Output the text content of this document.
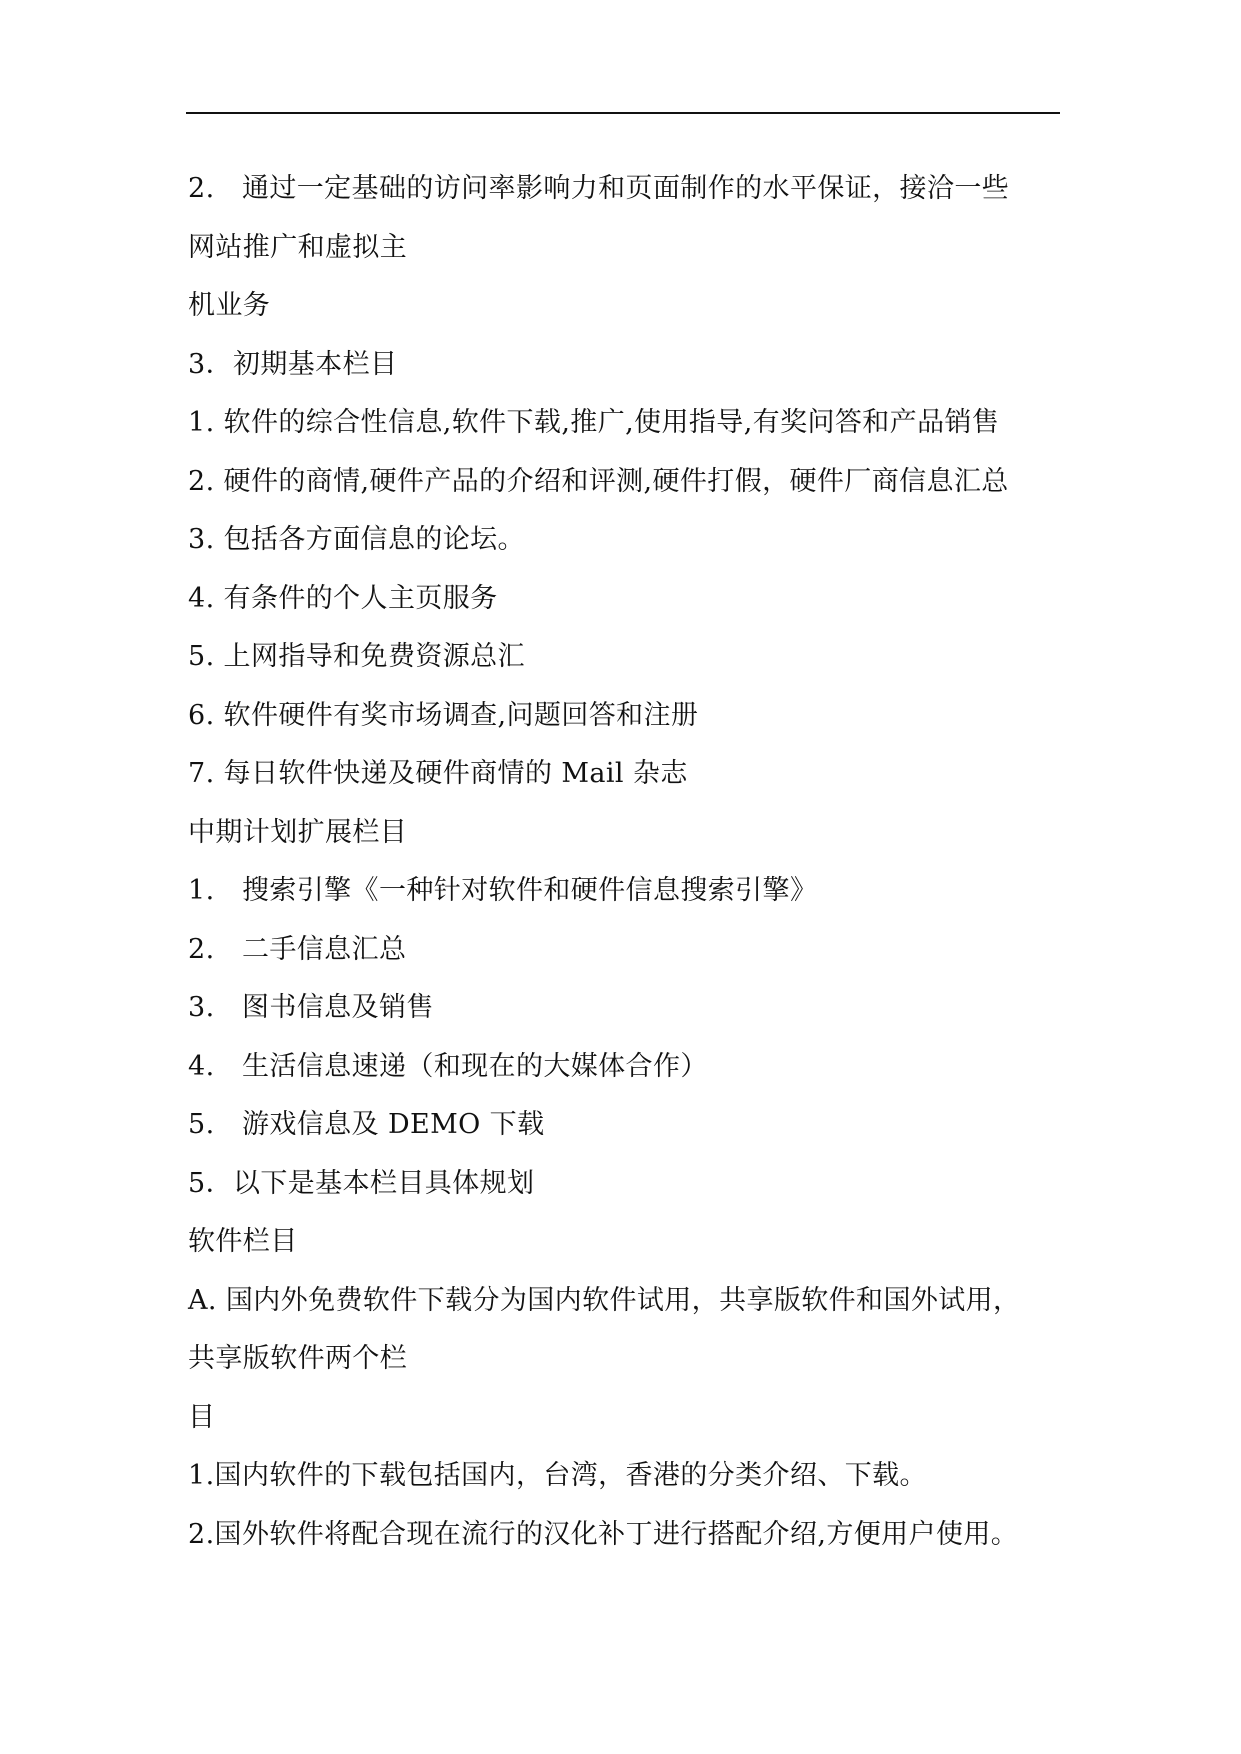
2.　通过一定基础的访问率影响力和页面制作的水平保证，接洽一些
网站推广和虚拟主
机业务
3．初期基本栏目
1. 软件的综合性信息,软件下载,推广,使用指导,有奖问答和产品销售
2. 硬件的商情,硬件产品的介绍和评测,硬件打假，硬件厂商信息汇总
3. 包括各方面信息的论坛。
4. 有条件的个人主页服务
5. 上网指导和免费资源总汇
6. 软件硬件有奖市场调查,问题回答和注册
7. 每日软件快递及硬件商情的 Mail 杂志
中期计划扩展栏目
1.　搜索引擎《一种针对软件和硬件信息搜索引擎》
2.　二手信息汇总
3.　图书信息及销售
4.　生活信息速递（和现在的大媒体合作）
5.　游戏信息及 DEMO 下载
5．以下是基本栏目具体规划
软件栏目
A. 国内外免费软件下载分为国内软件试用，共享版软件和国外试用，
共享版软件两个栏
目
1.国内软件的下载包括国内，台湾，香港的分类介绍、下载。
2.国外软件将配合现在流行的汉化补丁进行搭配介绍,方便用户使用。
